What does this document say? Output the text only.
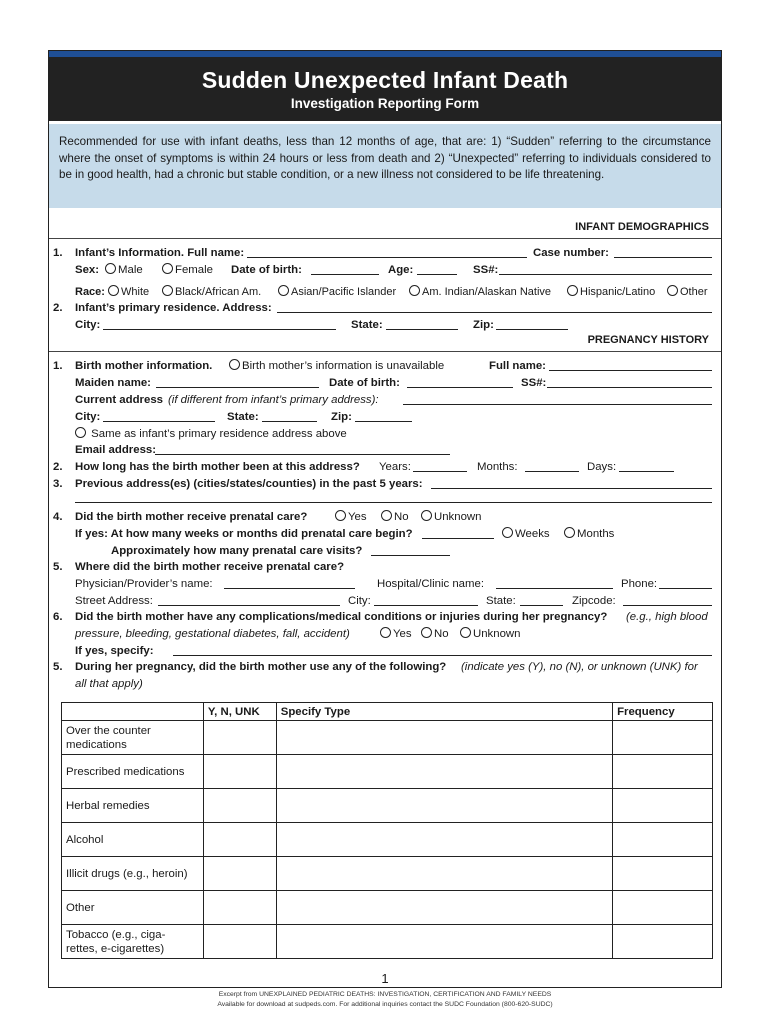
Sudden Unexpected Infant Death
Investigation Reporting Form
Recommended for use with infant deaths, less than 12 months of age, that are: 1) “Sudden” referring to the circumstance where the onset of symptoms is within 24 hours or less from death and 2) “Unexpected” referring to individuals considered to be in good health, had a chronic but stable condition, or a new illness not considered to be life threatening.
INFANT DEMOGRAPHICS
1. Infant’s Information. Full name:	Case number:
Sex:	Male	Female Date of birth:	Age:	SS#:
Race:	White	Black/African Am.	Asian/Pacific Islander	Am. Indian/Alaskan Native	Hispanic/Latino	Other
2. Infant’s primary residence. Address:
City:	State:	Zip:
PREGNANCY HISTORY
1. Birth mother information.	Birth mother’s information is unavailable	Full name:
Maiden name:	Date of birth:	SS#:
Current address (if different from infant’s primary address):
City:	State:	Zip:
Same as infant’s primary residence address above
Email address:
2. How long has the birth mother been at this address? Years:	Months:	Days:
3. Previous address(es) (cities/states/counties) in the past 5 years:
4. Did the birth mother receive prenatal care?	Yes	No	Unknown
If yes: At how many weeks or months did prenatal care begin?	Weeks	Months
Approximately how many prenatal care visits?
5. Where did the birth mother receive prenatal care?
Physician/Provider’s name:	Hospital/Clinic name:	Phone:
Street Address:	City:	State:	Zipcode:
6. Did the birth mother have any complications/medical conditions or injuries during her pregnancy? (e.g., high blood
pressure, bleeding, gestational diabetes, fall, accident)	Yes	No	Unknown
If yes, specify:
5. During her pregnancy, did the birth mother use any of the following? (indicate yes (Y), no (N), or unknown (UNK) for
all that apply)
	Y, N, UNK	Specify Type	Frequency
Over the counter
medications			
Prescribed medications			
Herbal remedies			
Alcohol			
Illicit drugs (e.g., heroin)			
Other			
Tobacco (e.g., ciga-
rettes, e-cigarettes)			
1
Excerpt from UNEXPLAINED PEDIATRIC DEATHS: INVESTIGATION, CERTIFICATION AND FAMILY NEEDS
Available for download at sudpeds.com. For additional inquiries contact the SUDC Foundation (800-620-SUDC)
